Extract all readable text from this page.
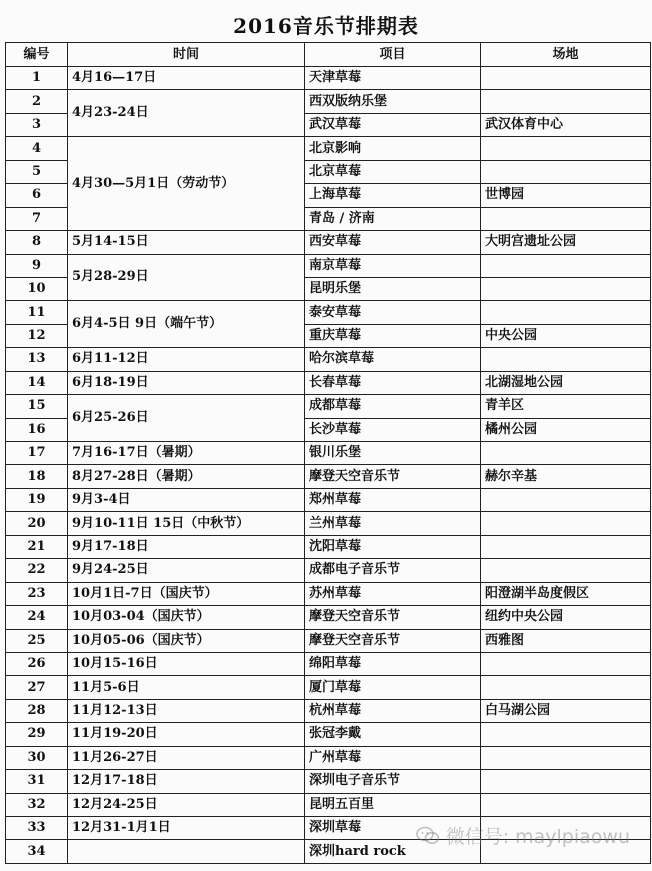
2016音乐节排期表
编号	时间	项目	场地
1	4月16—17日	天津草莓	
2	4月23-24日	西双版纳乐堡	
3		武汉草莓	武汉体育中心
4	4月30—5月1日（劳动节）	北京影响	
5		北京草莓	
6		上海草莓	世博园
7		青岛 / 济南	
8	5月14-15日	西安草莓	大明宫遗址公园
9	5月28-29日	南京草莓	
10		昆明乐堡	
11	6月4-5日 9日（端午节）	泰安草莓	
12		重庆草莓	中央公园
13	6月11-12日	哈尔滨草莓	
14	6月18-19日	长春草莓	北湖湿地公园
15	6月25-26日	成都草莓	青羊区
16		长沙草莓	橘州公园
17	7月16-17日（暑期）	银川乐堡	
18	8月27-28日（暑期）	摩登天空音乐节	赫尔辛基
19	9月3-4日	郑州草莓	
20	9月10-11日 15日（中秋节）	兰州草莓	
21	9月17-18日	沈阳草莓	
22	9月24-25日	成都电子音乐节	
23	10月1日-7日（国庆节）	苏州草莓	阳澄湖半岛度假区
24	10月03-04（国庆节）	摩登天空音乐节	纽约中央公园
25	10月05-06（国庆节）	摩登天空音乐节	西雅图
26	10月15-16日	绵阳草莓	
27	11月5-6日	厦门草莓	
28	11月12-13日	杭州草莓	白马湖公园
29	11月19-20日	张冠李戴	
30	11月26-27日	广州草莓	
31	12月17-18日	深圳电子音乐节	
32	12月24-25日	昆明五百里	
33	12月31-1月1日	深圳草莓	
34		深圳hard rock	
微信号: maylpiaowu
